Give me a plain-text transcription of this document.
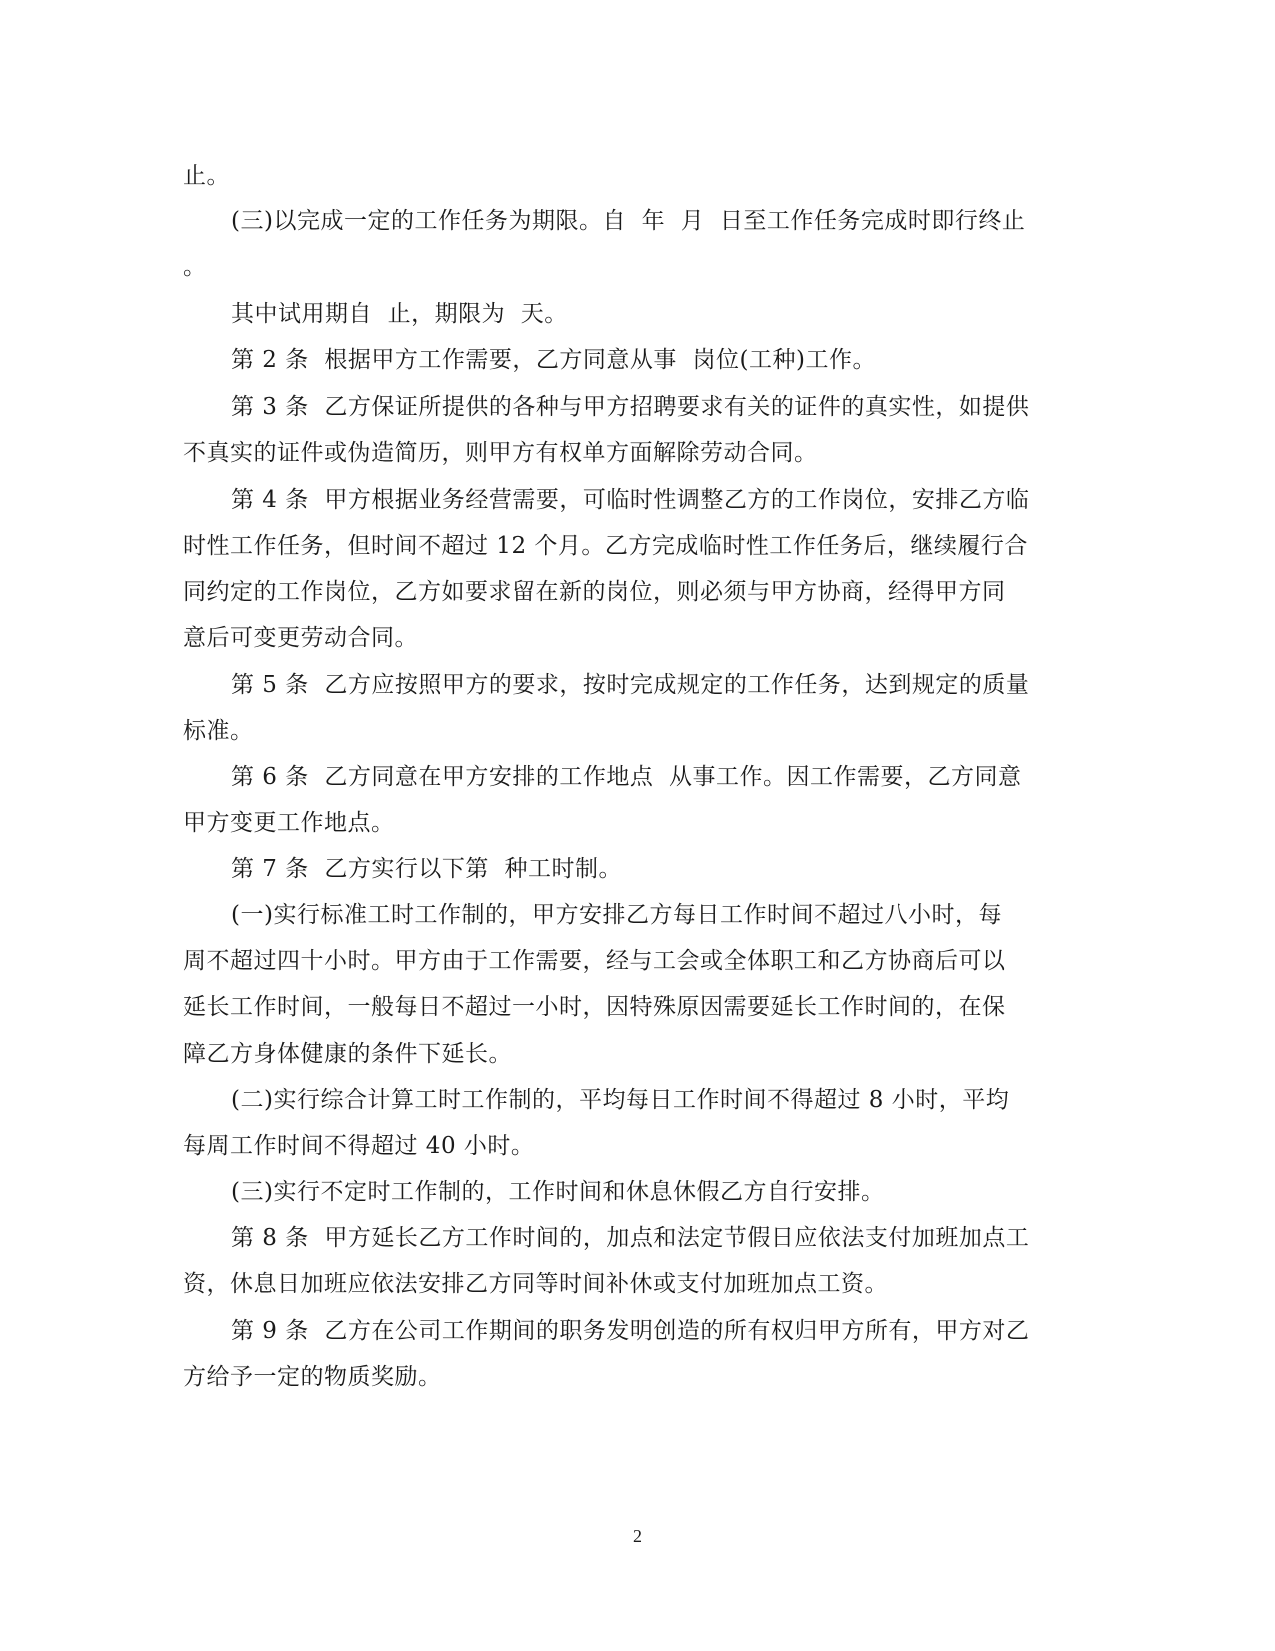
止。
(三)以完成一定的工作任务为期限。自  年  月  日至工作任务完成时即行终止
。
其中试用期自  止，期限为  天。
第 2 条  根据甲方工作需要，乙方同意从事  岗位(工种)工作。
第 3 条  乙方保证所提供的各种与甲方招聘要求有关的证件的真实性，如提供
不真实的证件或伪造简历，则甲方有权单方面解除劳动合同。
第 4 条  甲方根据业务经营需要，可临时性调整乙方的工作岗位，安排乙方临
时性工作任务，但时间不超过 12 个月。乙方完成临时性工作任务后，继续履行合
同约定的工作岗位，乙方如要求留在新的岗位，则必须与甲方协商，经得甲方同
意后可变更劳动合同。
第 5 条  乙方应按照甲方的要求，按时完成规定的工作任务，达到规定的质量
标准。
第 6 条  乙方同意在甲方安排的工作地点  从事工作。因工作需要，乙方同意
甲方变更工作地点。
第 7 条  乙方实行以下第  种工时制。
(一)实行标准工时工作制的，甲方安排乙方每日工作时间不超过八小时，每
周不超过四十小时。甲方由于工作需要，经与工会或全体职工和乙方协商后可以
延长工作时间，一般每日不超过一小时，因特殊原因需要延长工作时间的，在保
障乙方身体健康的条件下延长。
(二)实行综合计算工时工作制的，平均每日工作时间不得超过 8 小时，平均
每周工作时间不得超过 40 小时。
(三)实行不定时工作制的，工作时间和休息休假乙方自行安排。
第 8 条  甲方延长乙方工作时间的，加点和法定节假日应依法支付加班加点工
资，休息日加班应依法安排乙方同等时间补休或支付加班加点工资。
第 9 条  乙方在公司工作期间的职务发明创造的所有权归甲方所有，甲方对乙
方给予一定的物质奖励。
2
